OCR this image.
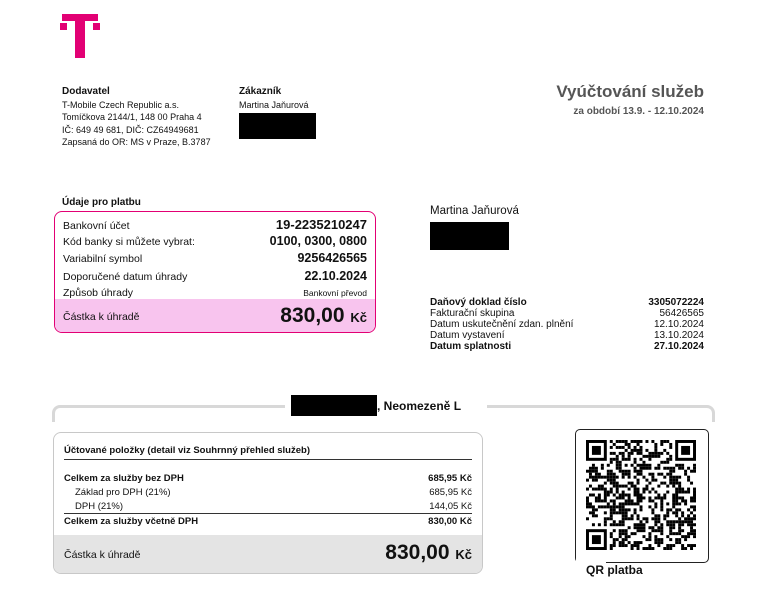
Dodavatel
T-Mobile Czech Republic a.s.
Tomíčkova 2144/1, 148 00 Praha 4
IČ: 649 49 681, DIČ: CZ64949681
Zapsaná do OR: MS v Praze, B.3787
Zákazník
Martina Jaňurová
Vyúčtování služeb
za období 13.9. - 12.10.2024
Údaje pro platbu
Bankovní účet	19-2235210247
Kód banky si můžete vybrat:	0100, 0300, 0800
Variabilní symbol	9256426565
Doporučené datum úhrady	22.10.2024
Způsob úhrady	Bankovní převod
Částka k úhradě	830,00 Kč
Martina Jaňurová
Daňový doklad číslo	3305072224
Fakturační skupina	56426565
Datum uskutečnění zdan. plnění	12.10.2024
Datum vystavení	13.10.2024
Datum splatnosti	27.10.2024
, Neomezeně L
Účtované položky (detail viz Souhrnný přehled služeb)
Celkem za služby bez DPH	685,95 Kč
Základ pro DPH (21%)	685,95 Kč
DPH (21%)	144,05 Kč
Celkem za služby včetně DPH	830,00 Kč
Částka k úhradě	830,00 Kč
QR platba
